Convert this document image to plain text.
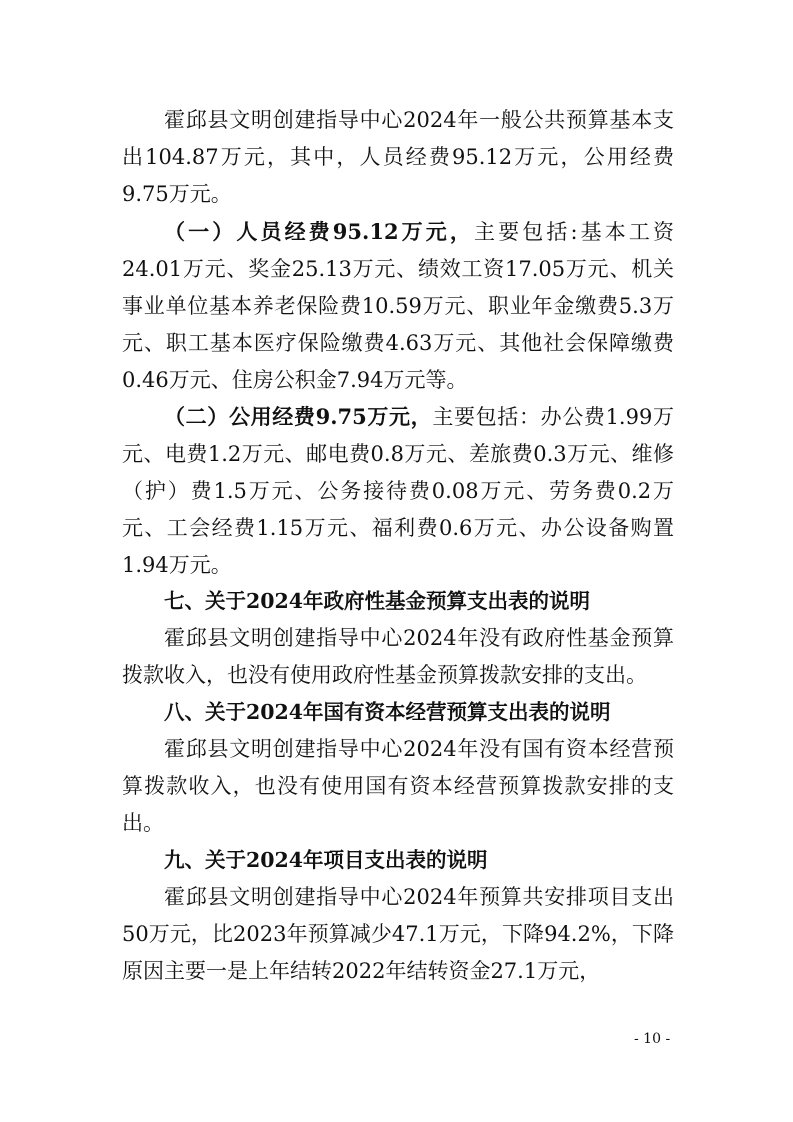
霍邱县文明创建指导中心2024年一般公共预算基本支出104.87万元，其中，人员经费95.12万元，公用经费9.75万元。

（一）人员经费95.12万元，主要包括:基本工资24.01万元、奖金25.13万元、绩效工资17.05万元、机关事业单位基本养老保险费10.59万元、职业年金缴费5.3万元、职工基本医疗保险缴费4.63万元、其他社会保障缴费0.46万元、住房公积金7.94万元等。

（二）公用经费9.75万元，主要包括：办公费1.99万元、电费1.2万元、邮电费0.8万元、差旅费0.3万元、维修（护）费1.5万元、公务接待费0.08万元、劳务费0.2万元、工会经费1.15万元、福利费0.6万元、办公设备购置1.94万元。

七、关于2024年政府性基金预算支出表的说明

霍邱县文明创建指导中心2024年没有政府性基金预算拨款收入，也没有使用政府性基金预算拨款安排的支出。

八、关于2024年国有资本经营预算支出表的说明

霍邱县文明创建指导中心2024年没有国有资本经营预算拨款收入，也没有使用国有资本经营预算拨款安排的支出。

九、关于2024年项目支出表的说明

霍邱县文明创建指导中心2024年预算共安排项目支出50万元，比2023年预算减少47.1万元，下降94.2%，下降原因主要一是上年结转2022年结转资金27.1万元，

- 10 -
